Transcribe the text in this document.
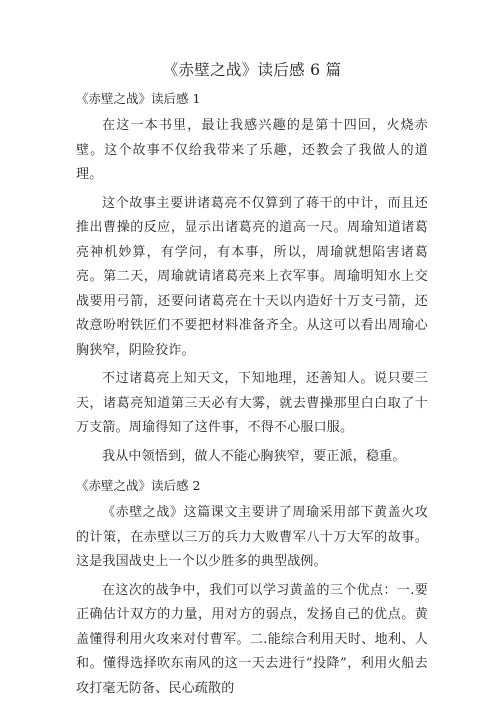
《赤壁之战》读后感 6 篇
《赤壁之战》读后感 1

在这一本书里，最让我感兴趣的是第十四回，火烧赤壁。这个故事不仅给我带来了乐趣，还教会了我做人的道理。

这个故事主要讲诸葛亮不仅算到了蒋干的中计，而且还推出曹操的反应，显示出诸葛亮的道高一尺。周瑜知道诸葛亮神机妙算，有学问，有本事，所以，周瑜就想陷害诸葛亮。第二天，周瑜就请诸葛亮来上衣军事。周瑜明知水上交战要用弓箭，还要问诸葛亮在十天以内造好十万支弓箭，还故意吩咐铁匠们不要把材料准备齐全。从这可以看出周瑜心胸狭窄，阴险狡诈。

不过诸葛亮上知天文，下知地理，还善知人。说只要三天，诸葛亮知道第三天必有大雾，就去曹操那里白白取了十万支箭。周瑜得知了这件事，不得不心服口服。

我从中领悟到，做人不能心胸狭窄，要正派，稳重。

《赤壁之战》读后感 2

《赤壁之战》这篇课文主要讲了周瑜采用部下黄盖火攻的计策，在赤壁以三万的兵力大败曹军八十万大军的故事。这是我国战史上一个以少胜多的典型战例。

在这次的战争中，我们可以学习黄盖的三个优点：一.要正确估计双方的力量，用对方的弱点，发扬自己的优点。黄盖懂得利用火攻来对付曹军。二.能综合利用天时、地利、人和。懂得选择吹东南风的这一天去进行“投降”，利用火船去攻打毫无防备、民心疏散的
